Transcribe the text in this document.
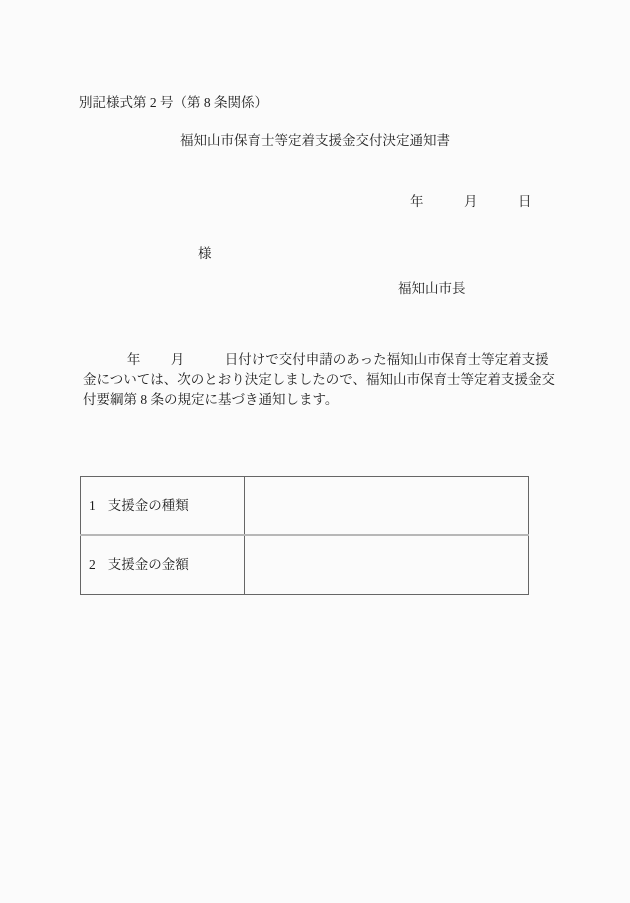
別記様式第 2 号（第 8 条関係）
福知山市保育士等定着支援金交付決定通知書
年　　　月　　　日
様
福知山市長
　　　 年　　 月　　　日付けで交付申請のあった福知山市保育士等定着支援
金については、次のとおり決定しましたので、福知山市保育士等定着支援金交
付要綱第 8 条の規定に基づき通知します。
1 支援金の種類	
2 支援金の金額	
